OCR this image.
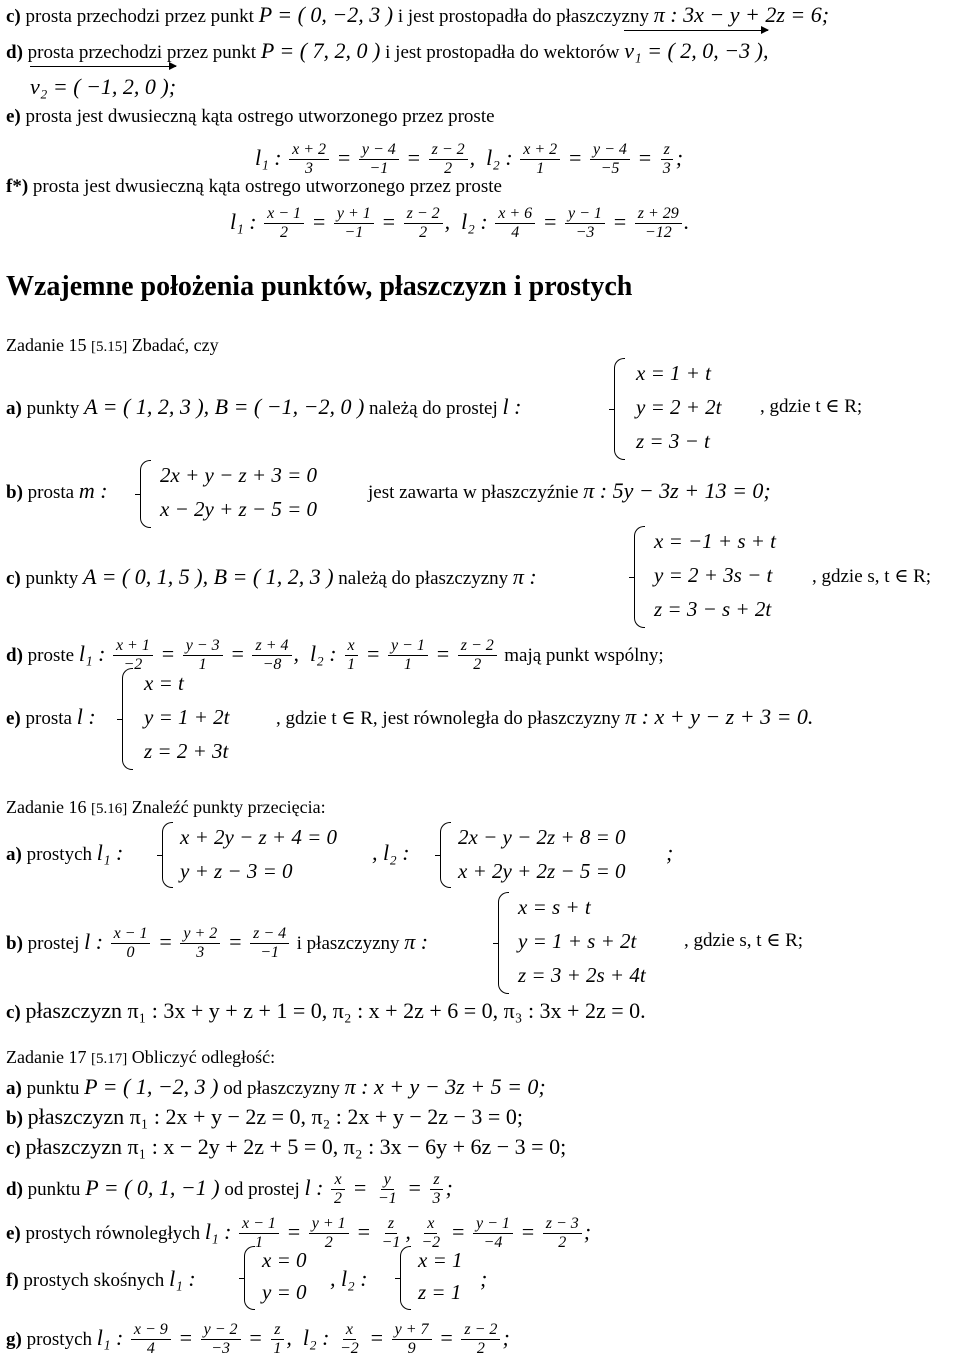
c) prosta przechodzi przez punkt P = ( 0, −2, 3 ) i jest prostopadła do płaszczyzny π : 3x − y + 2z = 6;
d) prosta przechodzi przez punkt P = ( 7, 2, 0 ) i jest prostopadła do wektorów v₁ = ( 2, 0, −3 ),
v₂ = ( −1, 2, 0 );
e) prosta jest dwusieczną kąta ostrego utworzonego przez proste
l₁ : $\frac{x + 2}{3} = \frac{y - 4}{-1} = \frac{z - 2}{2}$ ,  l₂ : $\frac{x + 2}{1} = \frac{y - 4}{-5} = \frac{z}{3}$ ;
f*) prosta jest dwusieczną kąta ostrego utworzonego przez proste
l₁ : $\frac{x - 1}{2} = \frac{y + 1}{-1} = \frac{z - 2}{2}$ ,  l₂ : $\frac{x + 6}{4} = \frac{y - 1}{-3} = \frac{z + 29}{-12}$ .
Wzajemne położenia punktów, płaszczyzn i prostych
Zadanie 15 [5.15] Zbadać, czy
a) punkty A = ( 1, 2, 3 ), B = ( −1, −2, 0 ) należą do prostej l :
x = 1 + t
y = 2 + 2t
z = 3 − t
, gdzie t ∈ R;
b) prosta m :
2x + y − z + 3 = 0
x − 2y + z − 5 = 0
jest zawarta w płaszczyźnie π : 5y − 3z + 13 = 0;
c) punkty A = ( 0, 1, 5 ), B = ( 1, 2, 3 ) należą do płaszczyzny π :
x = −1 + s + t
y = 2 + 3s − t
z = 3 − s + 2t
, gdzie s, t ∈ R;
d) proste l₁ : $\frac{x + 1}{-2} = \frac{y - 3}{1} = \frac{z + 4}{-8}$ ,  l₂ : $\frac{x}{1} = \frac{y - 1}{1} = \frac{z - 2}{2}$ mają punkt wspólny;
e) prosta l :
x = t
y = 1 + 2t
z = 2 + 3t
, gdzie t ∈ R, jest równoległa do płaszczyzny π : x + y − z + 3 = 0.
Zadanie 16 [5.16] Znaleźć punkty przecięcia:
a) prostych l₁ :
x + 2y − z + 4 = 0
y + z − 3 = 0
, l₂ :
2x − y − 2z + 8 = 0
x + 2y + 2z − 5 = 0
;
b) prostej l : $\frac{x - 1}{0} = \frac{y + 2}{3} = \frac{z - 4}{-1}$ i płaszczyzny π :
x = s + t
y = 1 + s + 2t
z = 3 + 2s + 4t
, gdzie s, t ∈ R;
c) płaszczyzn π₁ : 3x + y + z + 1 = 0, π₂ : x + 2z + 6 = 0, π₃ : 3x + 2z = 0.
Zadanie 17 [5.17] Obliczyć odległość:
a) punktu P = ( 1, −2, 3 ) od płaszczyzny π : x + y − 3z + 5 = 0;
b) płaszczyzn π₁ : 2x + y − 2z = 0, π₂ : 2x + y − 2z − 3 = 0;
c) płaszczyzn π₁ : x − 2y + 2z + 5 = 0, π₂ : 3x − 6y + 6z − 3 = 0;
d) punktu P = ( 0, 1, −1 ) od prostej l : $\frac{x}{2} = \frac{y}{-1} = \frac{z}{3}$ ;
e) prostych równoległych l₁ : $\frac{x - 1}{1} = \frac{y + 1}{2} = \frac{z}{-1}$ , $\frac{x}{-2} = \frac{y - 1}{-4} = \frac{z - 3}{2}$ ;
f) prostych skośnych l₁ :
x = 0
y = 0
, l₂ :
x = 1
z = 1
;
g) prostych l₁ : $\frac{x - 9}{4} = \frac{y - 2}{-3} = \frac{z}{1}$ ,  l₂ : $\frac{x}{-2} = \frac{y + 7}{9} = \frac{z - 2}{2}$ ;
